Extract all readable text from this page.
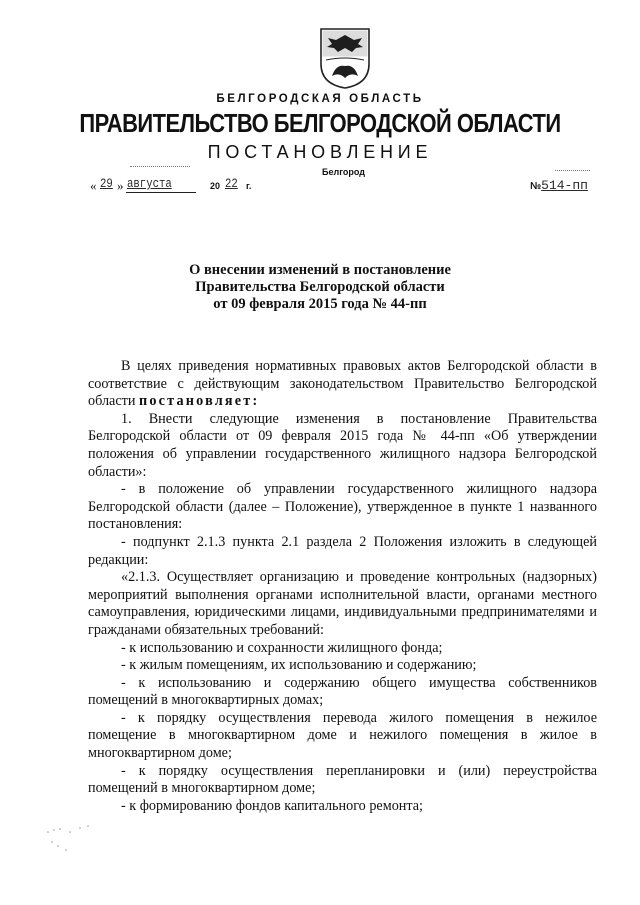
БЕЛГОРОДСКАЯ ОБЛАСТЬ
ПРАВИТЕЛЬСТВО БЕЛГОРОДСКОЙ ОБЛАСТИ
ПОСТАНОВЛЕНИЕ
Белгород
« 29 » августа	20 22 г.	№514-пп
О внесении изменений в постановление
Правительства Белгородской области
от 09 февраля 2015 года № 44-пп

В целях приведения нормативных правовых актов Белгородской области в соответствие с действующим законодательством Правительство Белгородской области постановляет:

1. Внести следующие изменения в постановление Правительства Белгородской области от 09 февраля 2015 года № 44-пп «Об утверждении положения об управлении государственного жилищного надзора Белгородской области»:

- в положение об управлении государственного жилищного надзора Белгородской области (далее – Положение), утвержденное в пункте 1 названного постановления:

- подпункт 2.1.3 пункта 2.1 раздела 2 Положения изложить в следующей редакции:

«2.1.3. Осуществляет организацию и проведение контрольных (надзорных) мероприятий выполнения органами исполнительной власти, органами местного самоуправления, юридическими лицами, индивидуальными предпринимателями и гражданами обязательных требований:

- к использованию и сохранности жилищного фонда;

- к жилым помещениям, их использованию и содержанию;

- к использованию и содержанию общего имущества собственников помещений в многоквартирных домах;

- к порядку осуществления перевода жилого помещения в нежилое помещение в многоквартирном доме и нежилого помещения в жилое в многоквартирном доме;

- к порядку осуществления перепланировки и (или) переустройства помещений в многоквартирном доме;

- к формированию фондов капитального ремонта;
